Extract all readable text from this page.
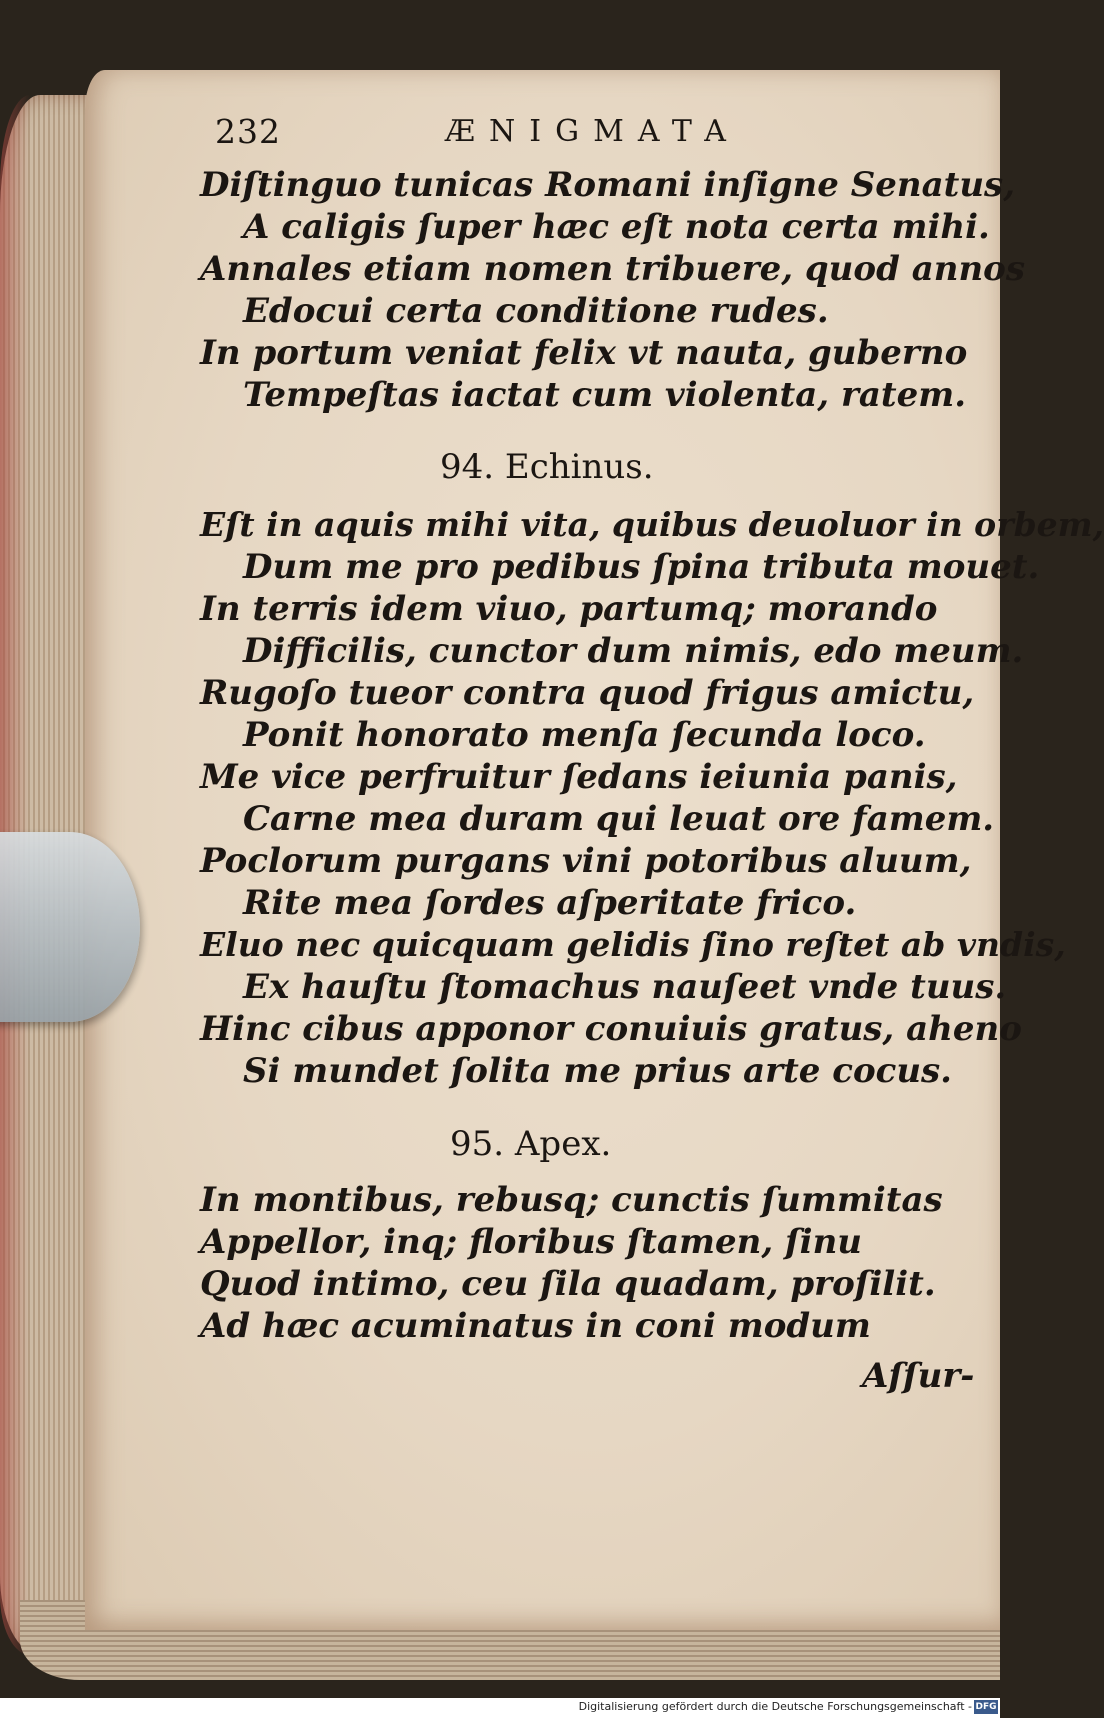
232	ÆNIGMATA
Diſtinguo tunicas Romani inſigne Senatus,
A caligis ſuper hæc eſt nota certa mihi.
Annales etiam nomen tribuere, quod annos
Edocui certa conditione rudes.
In portum veniat felix vt nauta, guberno
Tempeſtas iactat cum violenta, ratem.
94. Echinus.
Eſt in aquis mihi vita, quibus deuoluor in orbem,
Dum me pro pedibus ſpina tributa mouet.
In terris idem viuo, partumq; morando
Difficilis, cunctor dum nimis, edo meum.
Rugoſo tueor contra quod frigus amictu,
Ponit honorato menſa ſecunda loco.
Me vice perfruitur ſedans ieiunia panis,
Carne mea duram qui leuat ore famem.
Poclorum purgans vini potoribus aluum,
Rite mea ſordes aſperitate frico.
Eluo nec quicquam gelidis ſino reſtet ab vndis,
Ex hauſtu ſtomachus nauſeet vnde tuus.
Hinc cibus apponor conuiuis gratus, aheno
Si mundet ſolita me prius arte cocus.
95. Apex.
In montibus, rebusq; cunctis ſummitas
Appellor, inq; floribus ſtamen, ſinu
Quod intimo, ceu ſila quadam, proſilit.
Ad hæc acuminatus in coni modum
Aſſur-
Digitalisierung gefördert durch die Deutsche Forschungsgemeinschaft - DFG
